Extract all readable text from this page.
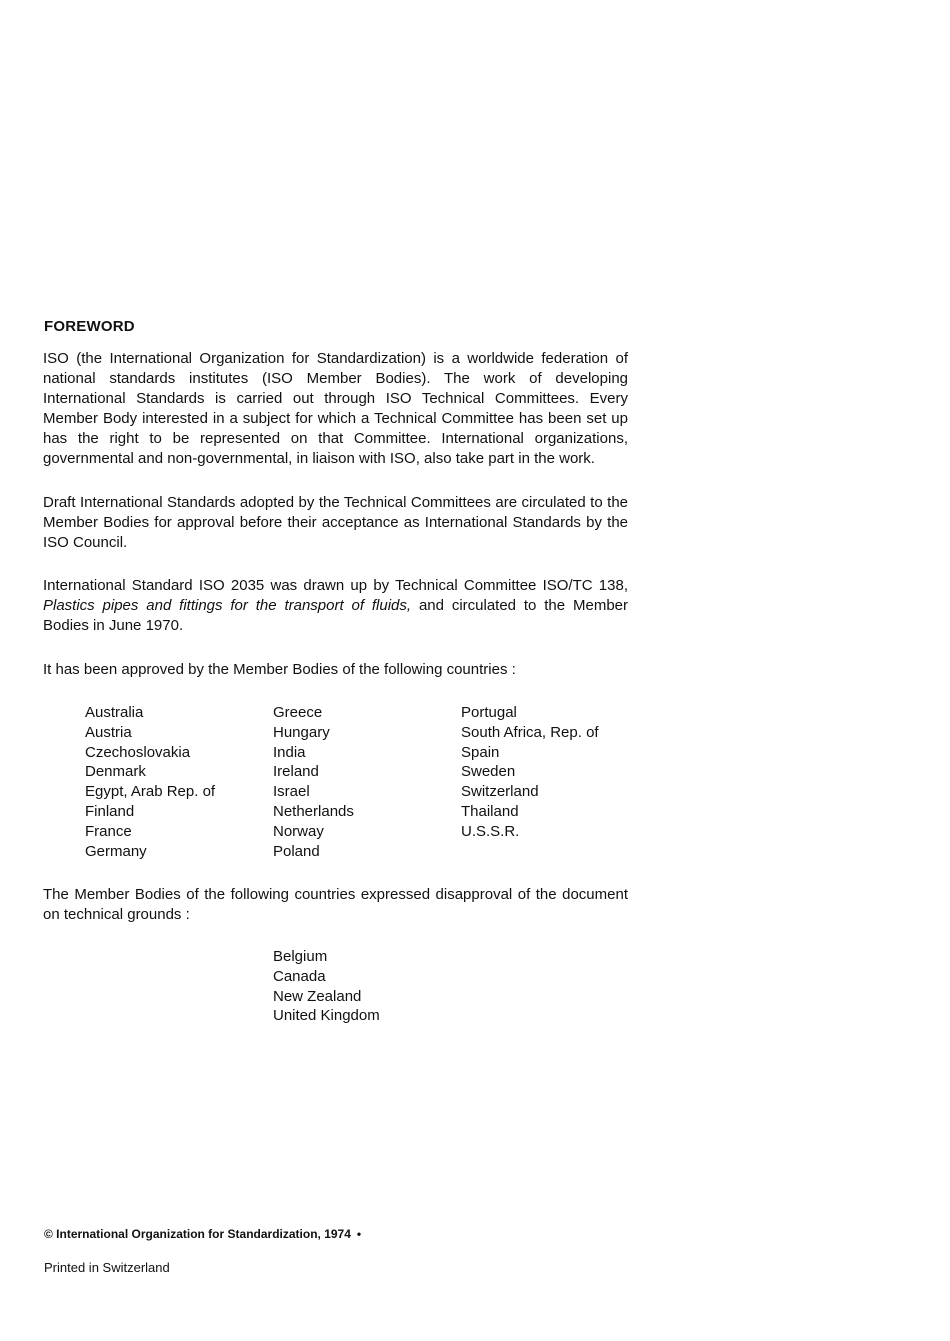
FOREWORD

ISO (the International Organization for Standardization) is a worldwide federation of national standards institutes (ISO Member Bodies). The work of developing International Standards is carried out through ISO Technical Committees. Every Member Body interested in a subject for which a Technical Committee has been set up has the right to be represented on that Committee. International organizations, governmental and non-governmental, in liaison with ISO, also take part in the work.

Draft International Standards adopted by the Technical Committees are circulated to the Member Bodies for approval before their acceptance as International Standards by the ISO Council.

International Standard ISO 2035 was drawn up by Technical Committee ISO/TC 138, Plastics pipes and fittings for the transport of fluids, and circulated to the Member Bodies in June 1970.

It has been approved by the Member Bodies of the following countries :

Australia
Austria
Czechoslovakia
Denmark
Egypt, Arab Rep. of
Finland
France
Germany
Greece
Hungary
India
Ireland
Israel
Netherlands
Norway
Poland
Portugal
South Africa, Rep. of
Spain
Sweden
Switzerland
Thailand
U.S.S.R.

The Member Bodies of the following countries expressed disapproval of the document on technical grounds :

Belgium
Canada
New Zealand
United Kingdom
© International Organization for Standardization, 1974 •
Printed in Switzerland
